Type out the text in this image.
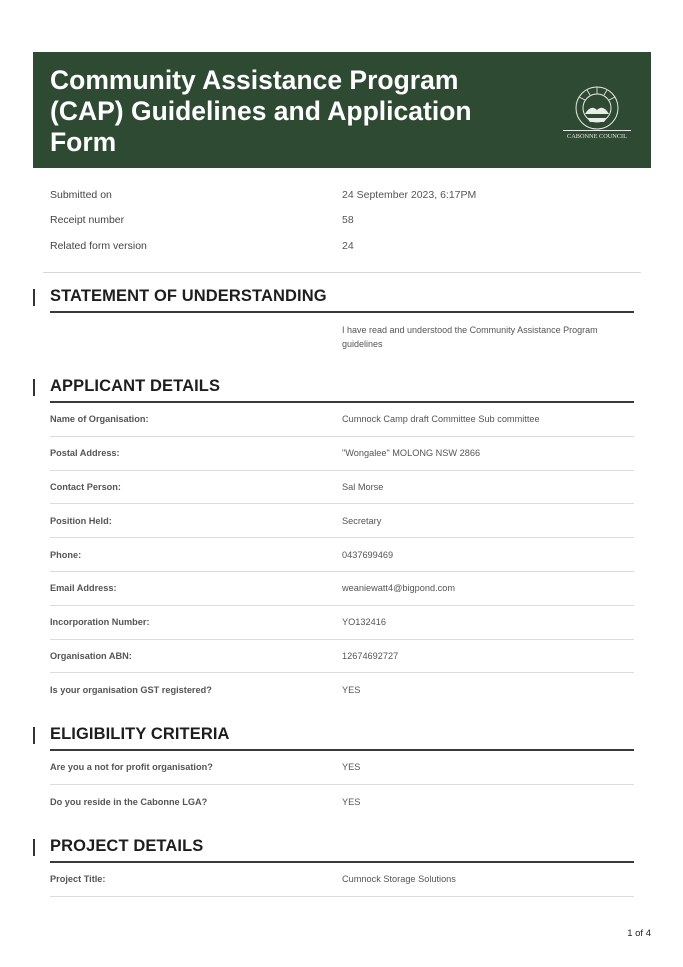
Community Assistance Program (CAP) Guidelines and Application Form	CABONNE COUNCIL
Submitted on	24 September 2023, 6:17PM
Receipt number	58
Related form version	24
STATEMENT OF UNDERSTANDING
I have read and understood the Community Assistance Program guidelines
APPLICANT DETAILS
Name of Organisation:	Cumnock Camp draft Committee Sub committee
Postal Address:	"Wongalee" MOLONG NSW 2866
Contact Person:	Sal Morse
Position Held:	Secretary
Phone:	0437699469
Email Address:	weaniewatt4@bigpond.com
Incorporation Number:	YO132416
Organisation ABN:	12674692727
Is your organisation GST registered?	YES
ELIGIBILITY CRITERIA
Are you a not for profit organisation?	YES
Do you reside in the Cabonne LGA?	YES
PROJECT DETAILS
Project Title:	Cumnock Storage Solutions
1 of 4
